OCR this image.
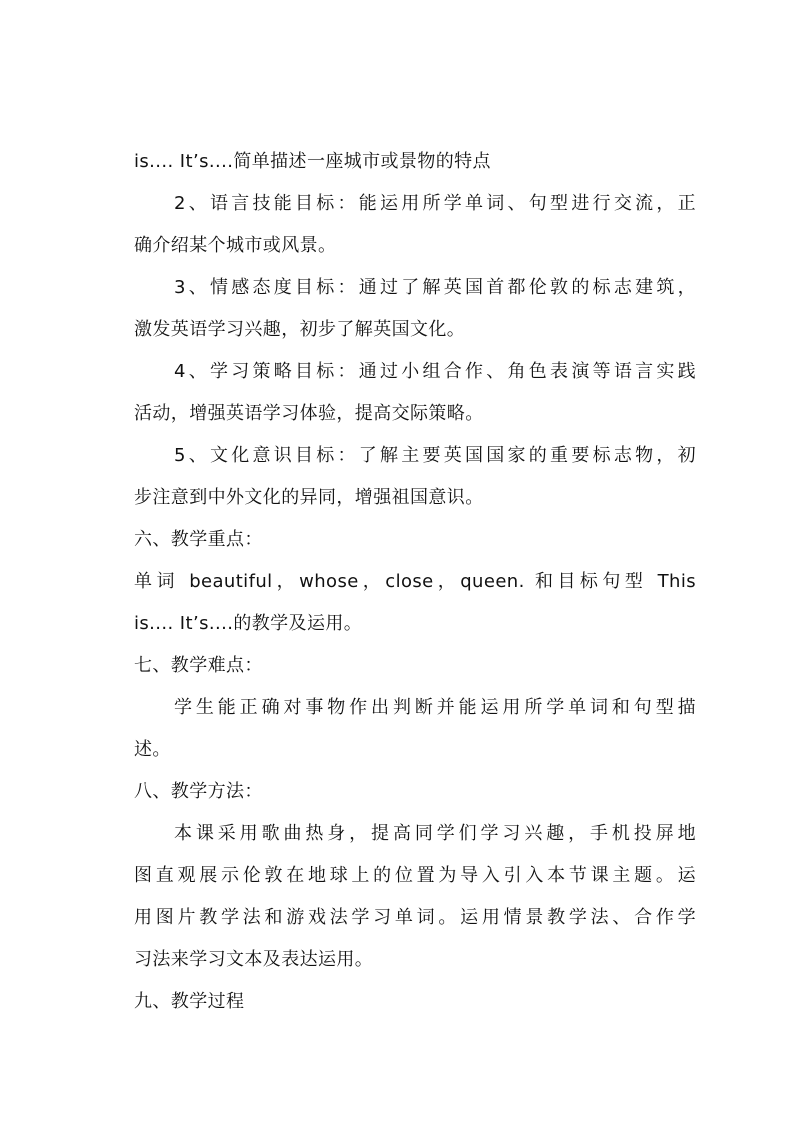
is.... It’s....简单描述一座城市或景物的特点
2、语言技能目标：能运用所学单词、句型进行交流，正
确介绍某个城市或风景。
3、情感态度目标：通过了解英国首都伦敦的标志建筑，
激发英语学习兴趣，初步了解英国文化。
4、学习策略目标：通过小组合作、角色表演等语言实践
活动，增强英语学习体验，提高交际策略。
5、文化意识目标：了解主要英国国家的重要标志物，初
步注意到中外文化的异同，增强祖国意识。
六、教学重点：
单词 beautiful，whose，close，queen. 和目标句型 This
is.... It’s....的教学及运用。
七、教学难点：
学生能正确对事物作出判断并能运用所学单词和句型描
述。
八、教学方法：
本课采用歌曲热身，提高同学们学习兴趣，手机投屏地
图直观展示伦敦在地球上的位置为导入引入本节课主题。运
用图片教学法和游戏法学习单词。运用情景教学法、合作学
习法来学习文本及表达运用。
九、教学过程
